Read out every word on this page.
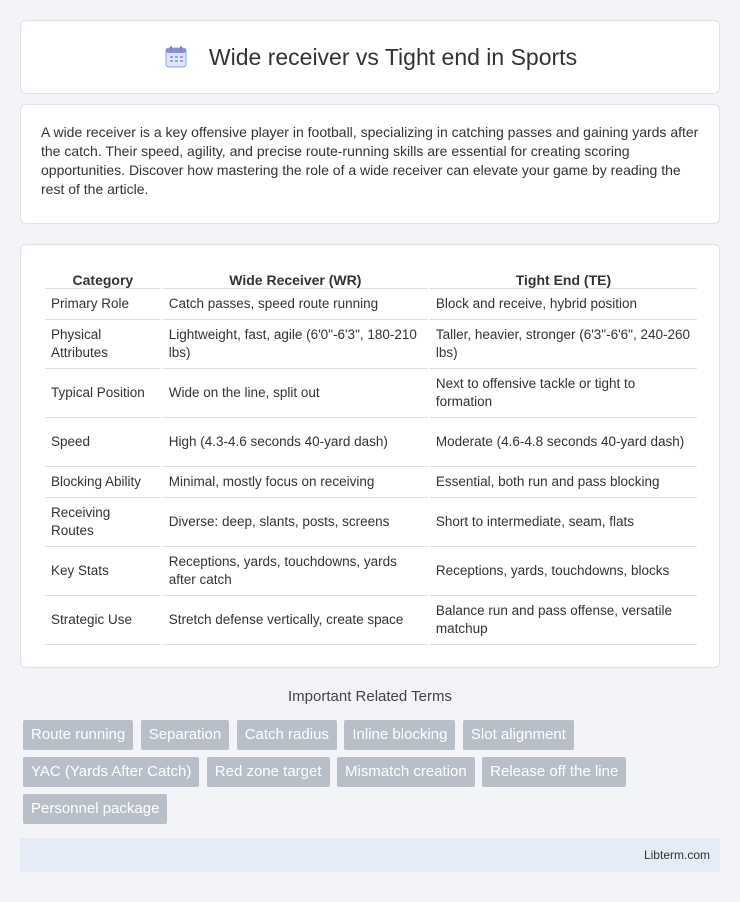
Wide receiver vs Tight end in Sports

A wide receiver is a key offensive player in football, specializing in catching passes and gaining yards after the catch. Their speed, agility, and precise route-running skills are essential for creating scoring opportunities. Discover how mastering the role of a wide receiver can elevate your game by reading the rest of the article.

Category	Wide Receiver (WR)	Tight End (TE)
Primary Role	Catch passes, speed route running	Block and receive, hybrid position
Physical Attributes	Lightweight, fast, agile (6'0"-6'3", 180-210 lbs)	Taller, heavier, stronger (6'3"-6'6", 240-260 lbs)
Typical Position	Wide on the line, split out	Next to offensive tackle or tight to formation
Speed	High (4.3-4.6 seconds 40-yard dash)	Moderate (4.6-4.8 seconds 40-yard dash)
Blocking Ability	Minimal, mostly focus on receiving	Essential, both run and pass blocking
Receiving Routes	Diverse: deep, slants, posts, screens	Short to intermediate, seam, flats
Key Stats	Receptions, yards, touchdowns, yards after catch	Receptions, yards, touchdowns, blocks
Strategic Use	Stretch defense vertically, create space	Balance run and pass offense, versatile matchup
Important Related Terms
Route running Separation Catch radius Inline blocking Slot alignment YAC (Yards After Catch) Red zone target Mismatch creation Release off the line Personnel package
Libterm.com
